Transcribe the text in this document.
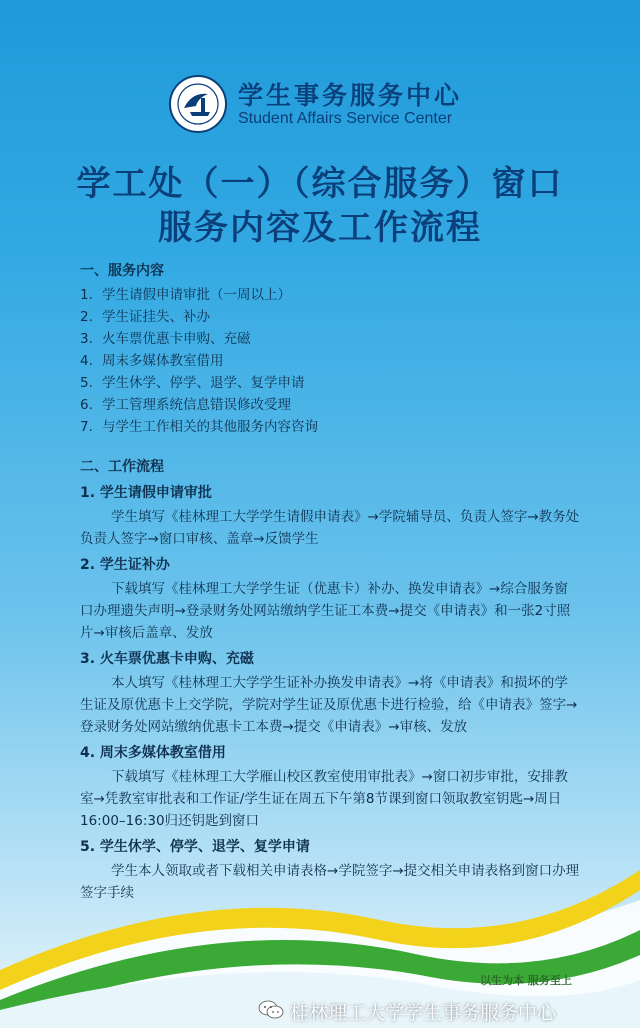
学生事务服务中心
Student Affairs Service Center
学工处（一）（综合服务）窗口
服务内容及工作流程
一、服务内容
1. 学生请假申请审批（一周以上）
2. 学生证挂失、补办
3. 火车票优惠卡申购、充磁
4. 周末多媒体教室借用
5. 学生休学、停学、退学、复学申请
6. 学工管理系统信息错误修改受理
7. 与学生工作相关的其他服务内容咨询
二、工作流程
1. 学生请假申请审批
学生填写《桂林理工大学学生请假申请表》→学院辅导员、负责人签字→教务处负责人签字→窗口审核、盖章→反馈学生
2. 学生证补办
下载填写《桂林理工大学学生证（优惠卡）补办、换发申请表》→综合服务窗口办理遗失声明→登录财务处网站缴纳学生证工本费→提交《申请表》和一张2寸照片→审核后盖章、发放
3. 火车票优惠卡申购、充磁
本人填写《桂林理工大学学生证补办换发申请表》→将《申请表》和损坏的学生证及原优惠卡上交学院，学院对学生证及原优惠卡进行检验，给《申请表》签字→登录财务处网站缴纳优惠卡工本费→提交《申请表》→审核、发放
4. 周末多媒体教室借用
下载填写《桂林理工大学雁山校区教室使用审批表》→窗口初步审批，安排教室→凭教室审批表和工作证/学生证在周五下午第8节课到窗口领取教室钥匙→周日16:00–16:30归还钥匙到窗口
5. 学生休学、停学、退学、复学申请
学生本人领取或者下载相关申请表格→学院签字→提交相关申请表格到窗口办理签字手续
以生为本 服务至上
桂林理工大学学生事务服务中心
